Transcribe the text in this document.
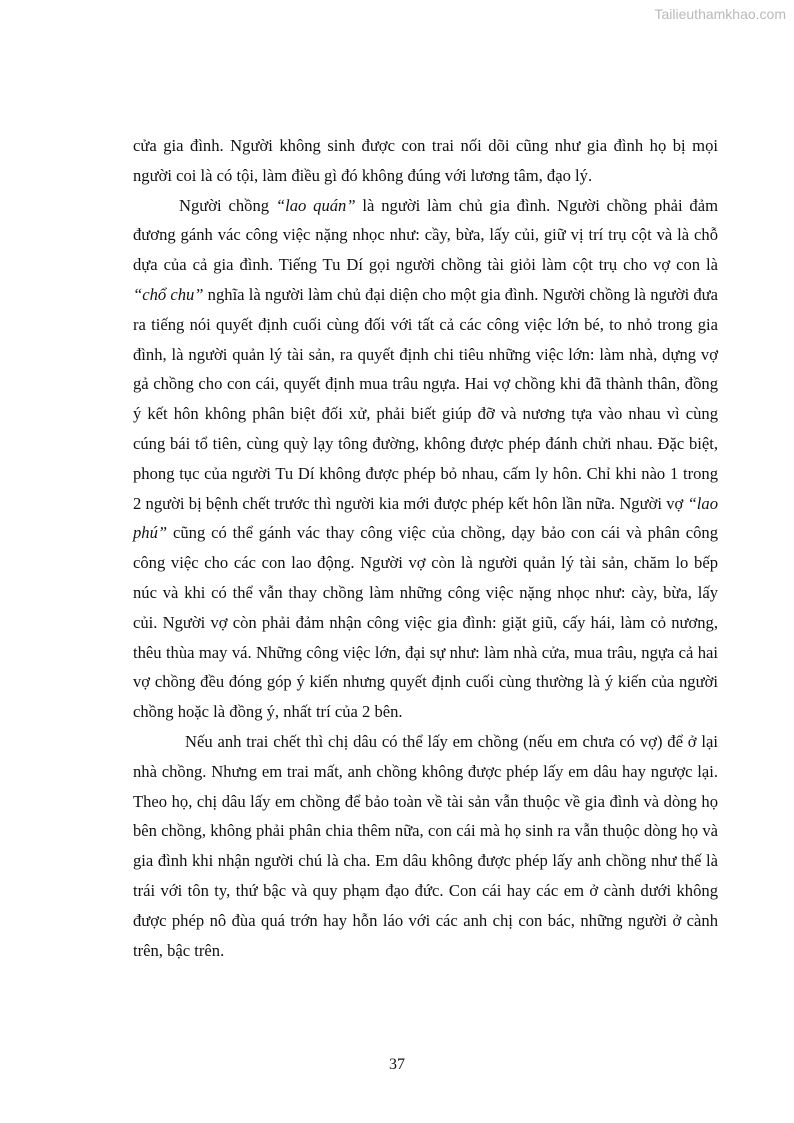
Tailieuthamkhao.com

cửa gia đình. Người không sinh được con trai nối dõi cũng như gia đình họ bị mọi người coi là có tội, làm điều gì đó không đúng với lương tâm, đạo lý.

Người chồng “lao quán” là người làm chủ gia đình. Người chồng phải đảm đương gánh vác công việc nặng nhọc như: cầy, bừa, lấy củi, giữ vị trí trụ cột và là chỗ dựa của cả gia đình. Tiếng Tu Dí gọi người chồng tài giỏi làm cột trụ cho vợ con là “chổ chu” nghĩa là người làm chủ đại diện cho một gia đình. Người chồng là người đưa ra tiếng nói quyết định cuối cùng đối với tất cả các công việc lớn bé, to nhỏ trong gia đình, là người quản lý tài sản, ra quyết định chi tiêu những việc lớn: làm nhà, dựng vợ gả chồng cho con cái, quyết định mua trâu ngựa. Hai vợ chồng khi đã thành thân, đồng ý kết hôn không phân biệt đối xử, phải biết giúp đỡ và nương tựa vào nhau vì cùng cúng bái tổ tiên, cùng quỳ lạy tông đường, không được phép đánh chửi nhau. Đặc biệt, phong tục của người Tu Dí không được phép bỏ nhau, cấm ly hôn. Chỉ khi nào 1 trong 2 người bị bệnh chết trước thì người kia mới được phép kết hôn lần nữa. Người vợ “lao phú” cũng có thể gánh vác thay công việc của chồng, dạy bảo con cái và phân công công việc cho các con lao động. Người vợ còn là người quản lý tài sản, chăm lo bếp núc và khi có thể vẫn thay chồng làm những công việc nặng nhọc như: cày, bừa, lấy củi. Người vợ còn phải đảm nhận công việc gia đình: giặt giũ, cấy hái, làm cỏ nương, thêu thùa may vá. Những công việc lớn, đại sự như: làm nhà cửa, mua trâu, ngựa cả hai vợ chồng đều đóng góp ý kiến nhưng quyết định cuối cùng thường là ý kiến của người chồng hoặc là đồng ý, nhất trí của 2 bên.

Nếu anh trai chết thì chị dâu có thể lấy em chồng (nếu em chưa có vợ) để ở lại nhà chồng. Nhưng em trai mất, anh chồng không được phép lấy em dâu hay ngược lại. Theo họ, chị dâu lấy em chồng để bảo toàn về tài sản vẫn thuộc về gia đình và dòng họ bên chồng, không phải phân chia thêm nữa, con cái mà họ sinh ra vẫn thuộc dòng họ và gia đình khi nhận người chú là cha. Em dâu không được phép lấy anh chồng như thế là trái với tôn ty, thứ bậc và quy phạm đạo đức. Con cái hay các em ở cành dưới không được phép nô đùa quá trớn hay hỗn láo với các anh chị con bác, những người ở cành trên, bậc trên.

37
